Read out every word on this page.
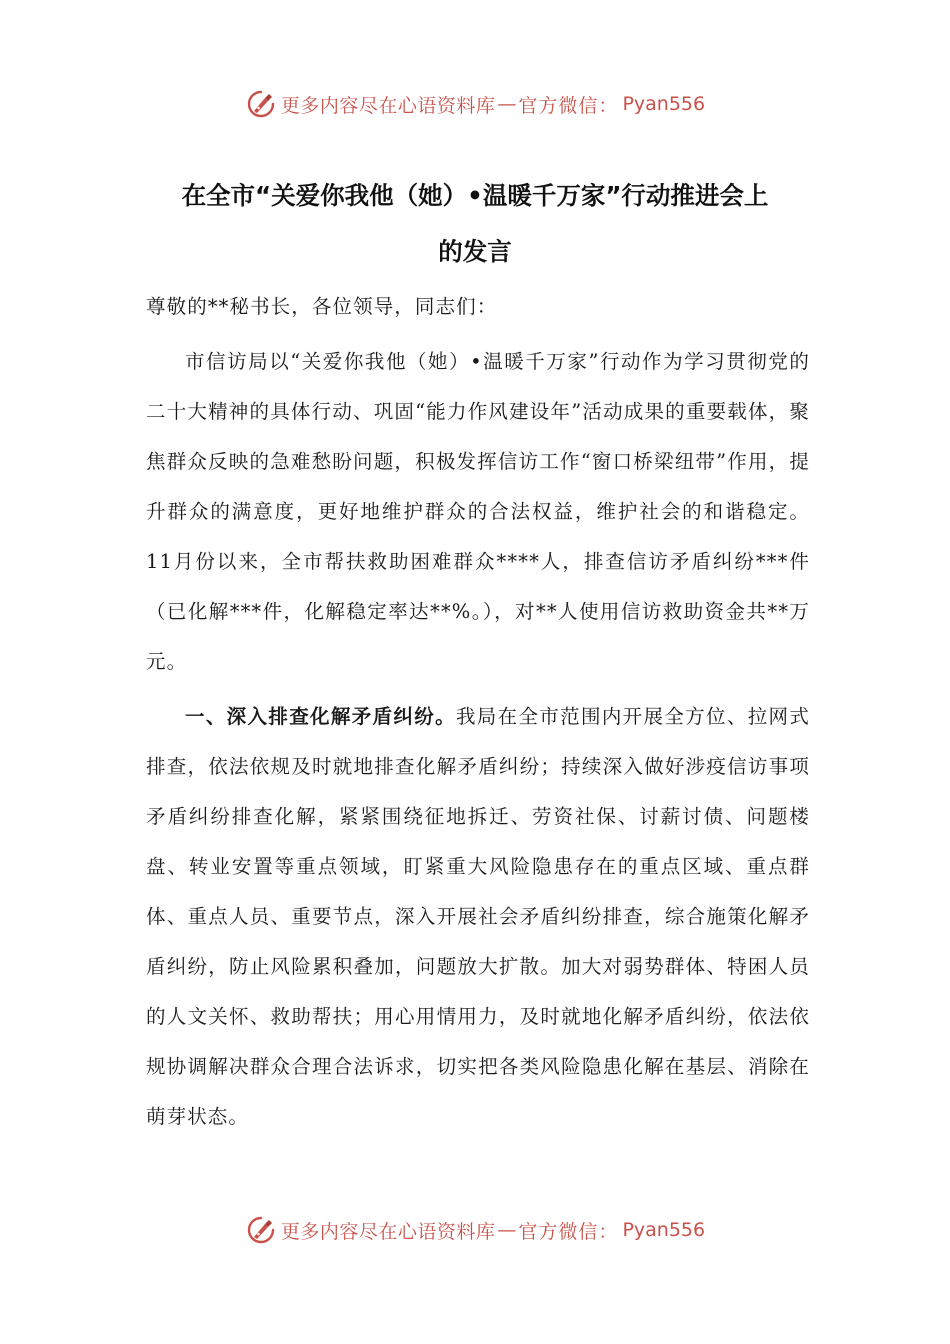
更多内容尽在心语资料库 — 官方微信： Pyan556
在全市“关爱你我他（她）•温暖千万家”行动推进会上
的发言

尊敬的**秘书长，各位领导，同志们：

市信访局以“关爱你我他（她）•温暖千万家”行动作为学习贯彻党的二十大精神的具体行动、巩固“能力作风建设年”活动成果的重要载体，聚焦群众反映的急难愁盼问题，积极发挥信访工作“窗口桥梁纽带”作用，提升群众的满意度，更好地维护群众的合法权益，维护社会的和谐稳定。11月份以来，全市帮扶救助困难群众****人，排查信访矛盾纠纷***件（已化解***件，化解稳定率达**%。），对**人使用信访救助资金共**万元。

一、深入排查化解矛盾纠纷。我局在全市范围内开展全方位、拉网式排查，依法依规及时就地排查化解矛盾纠纷；持续深入做好涉疫信访事项矛盾纠纷排查化解，紧紧围绕征地拆迁、劳资社保、讨薪讨债、问题楼盘、转业安置等重点领域，盯紧重大风险隐患存在的重点区域、重点群体、重点人员、重要节点，深入开展社会矛盾纠纷排查，综合施策化解矛盾纠纷，防止风险累积叠加，问题放大扩散。加大对弱势群体、特困人员的人文关怀、救助帮扶；用心用情用力，及时就地化解矛盾纠纷，依法依规协调解决群众合理合法诉求，切实把各类风险隐患化解在基层、消除在萌芽状态。

更多内容尽在心语资料库 — 官方微信： Pyan556
